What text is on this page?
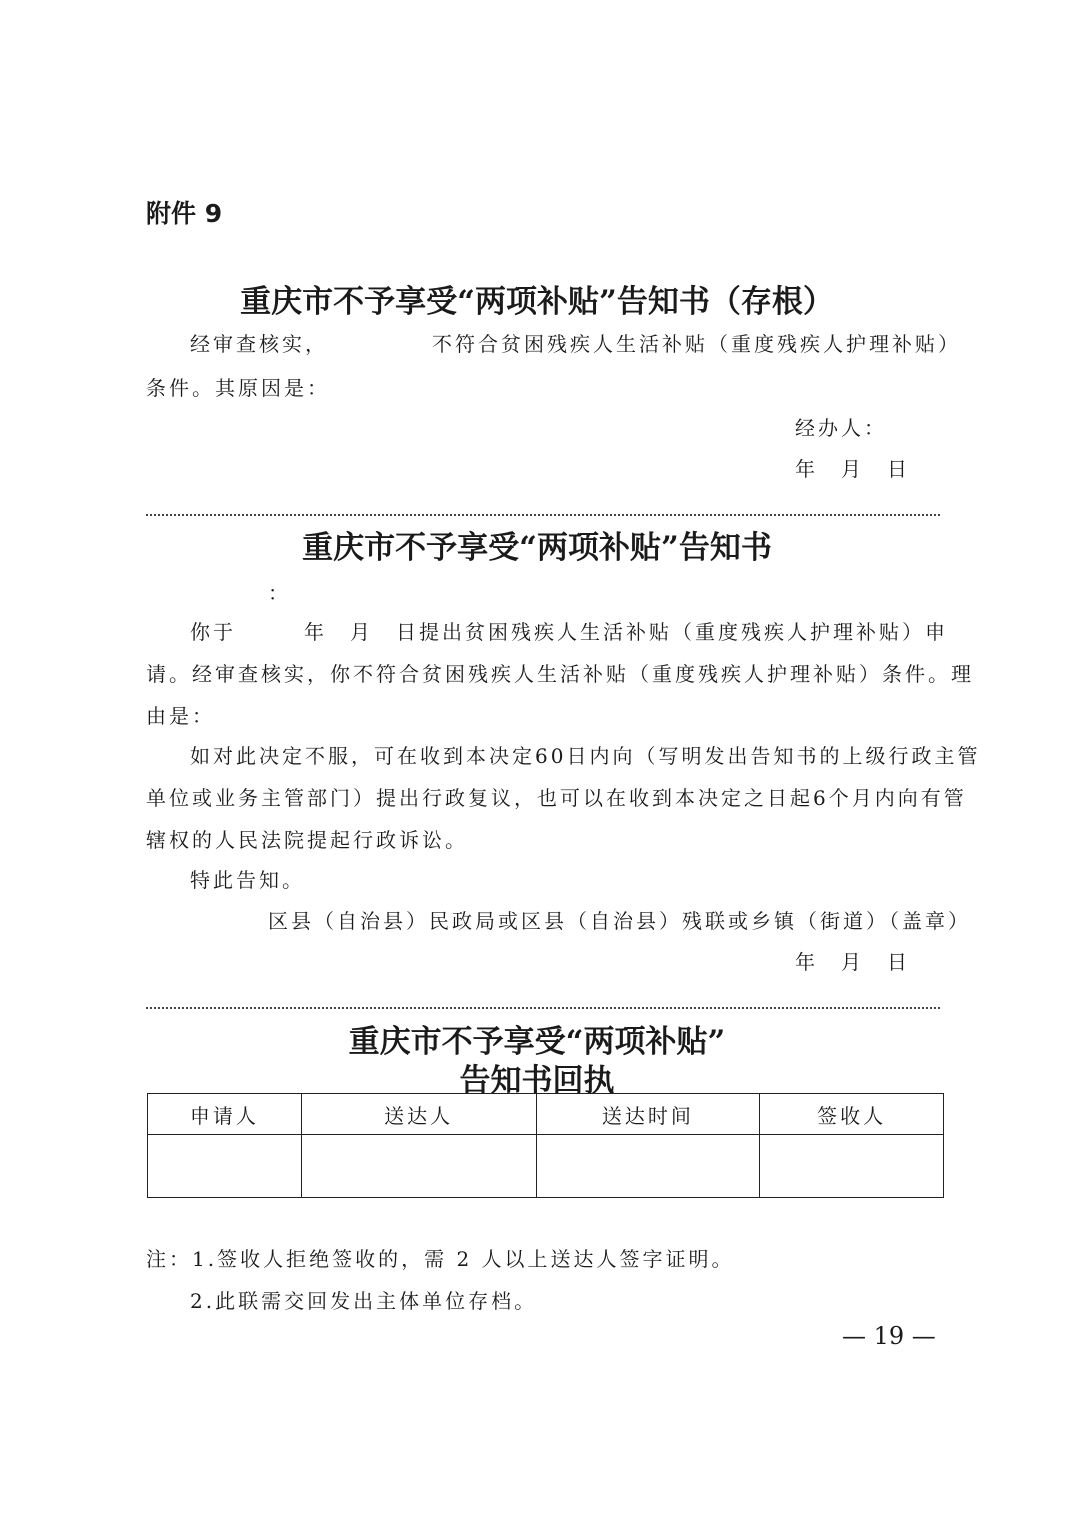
附件 9
重庆市不予享受“两项补贴”告知书（存根）
经审查核实，	不符合贫困残疾人生活补贴（重度残疾人护理补贴）
条件。其原因是：
经办人：
年　月　日
重庆市不予享受“两项补贴”告知书
：
你于	年　月　日提出贫困残疾人生活补贴（重度残疾人护理补贴）申
请。经审查核实，你不符合贫困残疾人生活补贴（重度残疾人护理补贴）条件。理
由是：
如对此决定不服，可在收到本决定60日内向（写明发出告知书的上级行政主管
单位或业务主管部门）提出行政复议，也可以在收到本决定之日起6个月内向有管
辖权的人民法院提起行政诉讼。
特此告知。
区县（自治县）民政局或区县（自治县）残联或乡镇（街道）（盖章）
年　月　日
重庆市不予享受“两项补贴”
告知书回执
申请人	送达人	送达时间	签收人

注：1.签收人拒绝签收的，需 2 人以上送达人签字证明。
2.此联需交回发出主体单位存档。
— 19 —
